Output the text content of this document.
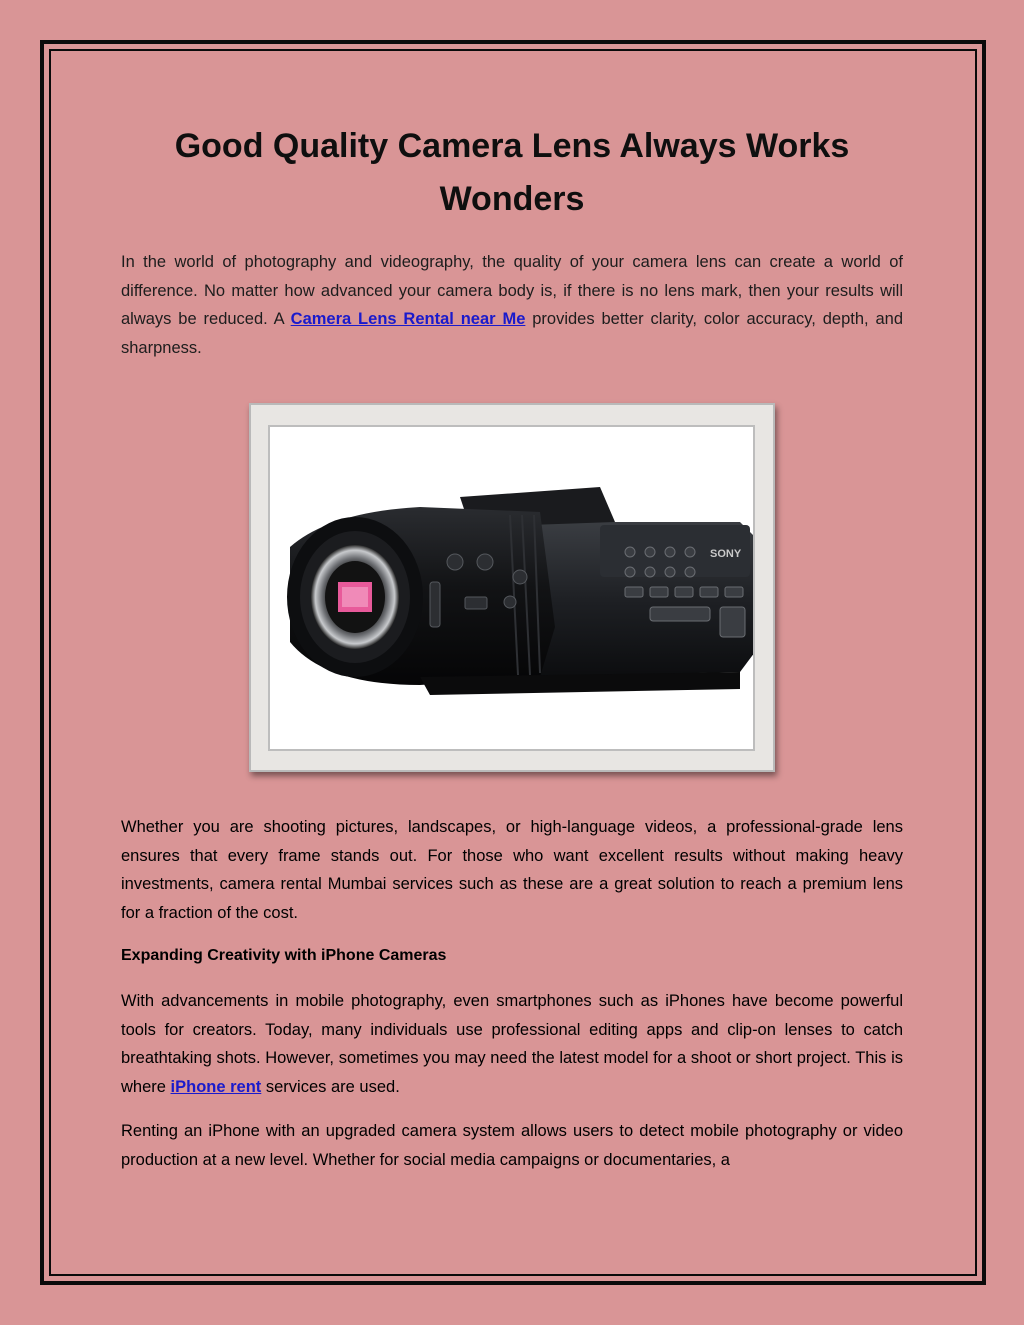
Good Quality Camera Lens Always Works Wonders

In the world of photography and videography, the quality of your camera lens can create a world of difference. No matter how advanced your camera body is, if there is no lens mark, then your results will always be reduced. A Camera Lens Rental near Me provides better clarity, color accuracy, depth, and sharpness.

SONY

Whether you are shooting pictures, landscapes, or high-language videos, a professional-grade lens ensures that every frame stands out. For those who want excellent results without making heavy investments, camera rental Mumbai services such as these are a great solution to reach a premium lens for a fraction of the cost.

Expanding Creativity with iPhone Cameras

With advancements in mobile photography, even smartphones such as iPhones have become powerful tools for creators. Today, many individuals use professional editing apps and clip-on lenses to catch breathtaking shots. However, sometimes you may need the latest model for a shoot or short project. This is where iPhone rent services are used.

Renting an iPhone with an upgraded camera system allows users to detect mobile photography or video production at a new level. Whether for social media campaigns or documentaries, a
